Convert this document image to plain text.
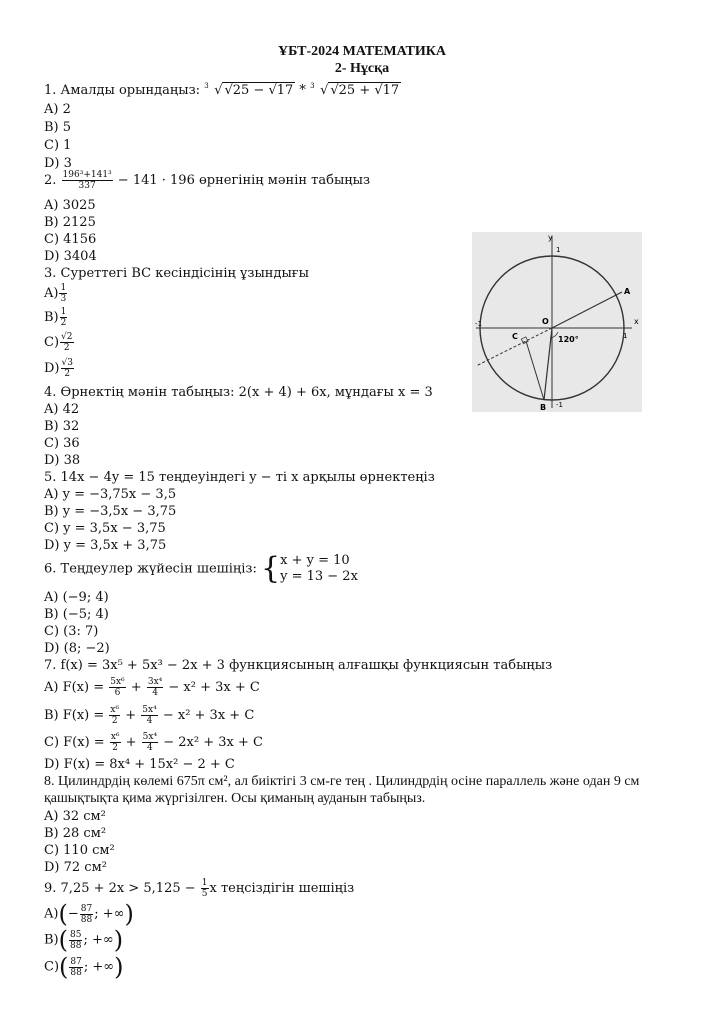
ҰБТ-2024 МАТЕМАТИКА
2- Нұсқа
1. Амалды орындаңыз: 3 √ √25 − √17 * 3 √ √25 + √17
A) 2
B) 5
C) 1
D) 3
2. $\frac{\text{196³+141³}}{337} - 141 \cdot 196$ өрнегінің мәнін табыңыз
A) 3025
B) 2125
C) 4156
D) 3404
3. Суреттегі BC кесіндісінің ұзындығы
$A) \frac{1}{3}$
$B) \frac{1}{2}$
$C) \frac{√2}{2}$
$D) \frac{√3}{2}$
y
1
x
-1
1
A
B -1
C
O
120°
4. Өрнектің мәнін табыңыз: 2(x + 4) + 6x, мұндағы x = 3
A) 42
B) 32
C) 36
D) 38
5. 14x − 4y = 15 теңдеуіндегі y − ті x арқылы өрнектеңіз
A) y = −3,75x − 3,5
B) y = −3,5x − 3,75
C) y = 3,5x − 3,75
D) y = 3,5x + 3,75
6. Теңдеулер жүйесін шешіңіз: { x + y = 10
y = 13 − 2x
A) (−9; 4)
B) (−5; 4)
C) (3: 7)
D) (8; −2)
7. f(x) = 3x⁵ + 5x³ − 2x + 3 функциясының алғашқы функциясын табыңыз
A) $F(x) = \frac{\text{5x⁶}}{6} + \frac{\text{3x⁴}}{4} - x^2 + 3x + C$
B) $F(x) = \frac{\text{x⁶}}{2} + \frac{\text{5x⁴}}{4} - x^2 + 3x + C$
C) $F(x) = \frac{\text{x⁶}}{2} + \frac{\text{5x⁴}}{4} - 2x^2 + 3x + C$
D) F(x) = 8x⁴ + 15x² − 2 + C
8. Цилиндрдің көлемі 675π см², ал биіктігі 3 см-ге тең . Цилиндрдің осіне параллель және одан 9 см
қашықтықта қима жүргізілген. Осы қиманың ауданын табыңыз.
A) 32 см²
B) 28 см²
C) 110 см²
D) 72 см²
9. $7,25 + 2x > 5,125 - \frac{1}{5}$ x теңсіздігін шешіңіз
$A)(- \frac{87}{88}$ ; +∞)
$B)( \frac{85}{88}$ ; +∞)
$C)( \frac{87}{88}$ ; +∞)
